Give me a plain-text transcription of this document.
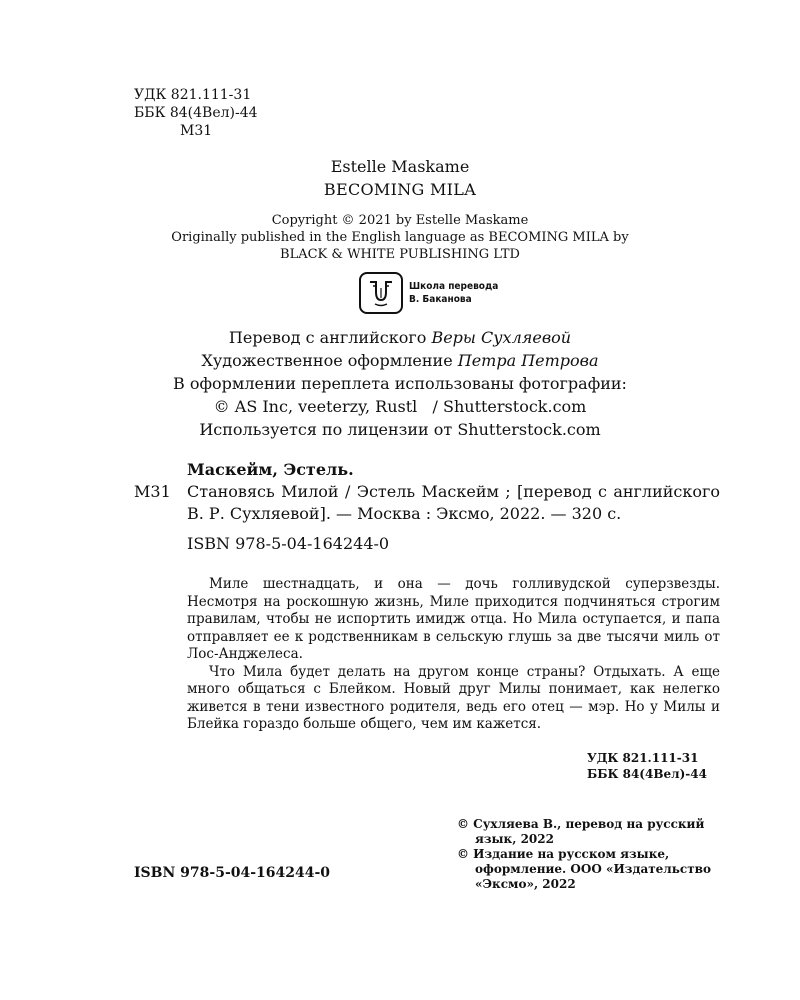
УДК 821.111-31
ББК 84(4Вел)-44
М31
Estelle Maskame
BECOMING MILA
Copyright © 2021 by Estelle Maskame
Originally published in the English language as BECOMING MILA by
BLACK & WHITE PUBLISHING LTD
Школа перевода
В. Баканова
Перевод с английского Веры Сухляевой
Художественное оформление Петра Петрова
В оформлении переплета использованы фотографии:
© AS Inc, veeterzy, Rustl   / Shutterstock.com
Используется по лицензии от Shutterstock.com
Маскейм, Эстель.
М31	Становясь Милой / Эстель Маскейм ; [перевод с английского В. Р. Сухляевой]. — Москва : Эксмо, 2022. — 320 с.
ISBN 978-5-04-164244-0

Миле шестнадцать, и она — дочь голливудской суперзвезды. Несмотря на роскошную жизнь, Миле приходится подчиняться строгим правилам, чтобы не испортить имидж отца. Но Мила оступается, и папа отправляет ее к родственникам в сельскую глушь за две тысячи миль от Лос-Анджелеса.

Что Мила будет делать на другом конце страны? Отдыхать. А еще много общаться с Блейком. Новый друг Милы понимает, как нелегко живется в тени известного родителя, ведь его отец — мэр. Но у Милы и Блейка гораздо больше общего, чем им кажется.

УДК 821.111-31
ББК 84(4Вел)-44
© Сухляева В., перевод на русский язык, 2022
© Издание на русском языке, оформление. ООО «Издательство «Эксмо», 2022
ISBN 978-5-04-164244-0
